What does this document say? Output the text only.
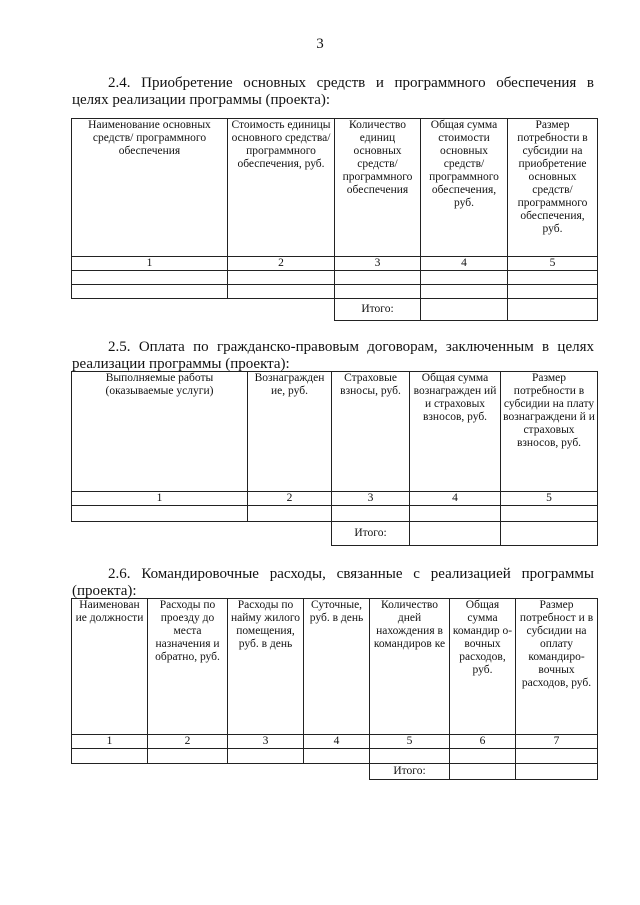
3
2.4. Приобретение основных средств и программного обеспечения в
целях реализации программы (проекта):
Наименование основных средств/ программного обеспечения	Стоимость единицы основного средства/ программного обеспечения, руб.	Количество единиц основных средств/ программного обеспечения	Общая сумма стоимости основных средств/ программного обеспечения, руб.	Размер потребности в субсидии на приобретение основных средств/ программного обеспечения, руб.
1	2	3	4	5

		Итого:		
2.5. Оплата по гражданско-правовым договорам, заключенным в целях
реализации программы (проекта):
Выполняемые работы (оказываемые услуги)	Вознагражден ие, руб.	Страховые взносы, руб.	Общая сумма вознагражден ий и страховых взносов, руб.	Размер потребности в субсидии на плату вознаграждени й и страховых взносов, руб.
1	2	3	4	5

		Итого:		
2.6. Командировочные расходы, связанные с реализацией программы
(проекта):
Наименован ие должности	Расходы по проезду до места назначения и обратно, руб.	Расходы по найму жилого помещения, руб. в день	Суточные, руб. в день	Количество дней нахождения в командиров ке	Общая сумма командир о-вочных расходов, руб.	Размер потребност и в субсидии на оплату командиро-вочных расходов, руб.
1	2	3	4	5	6	7

				Итого:		
